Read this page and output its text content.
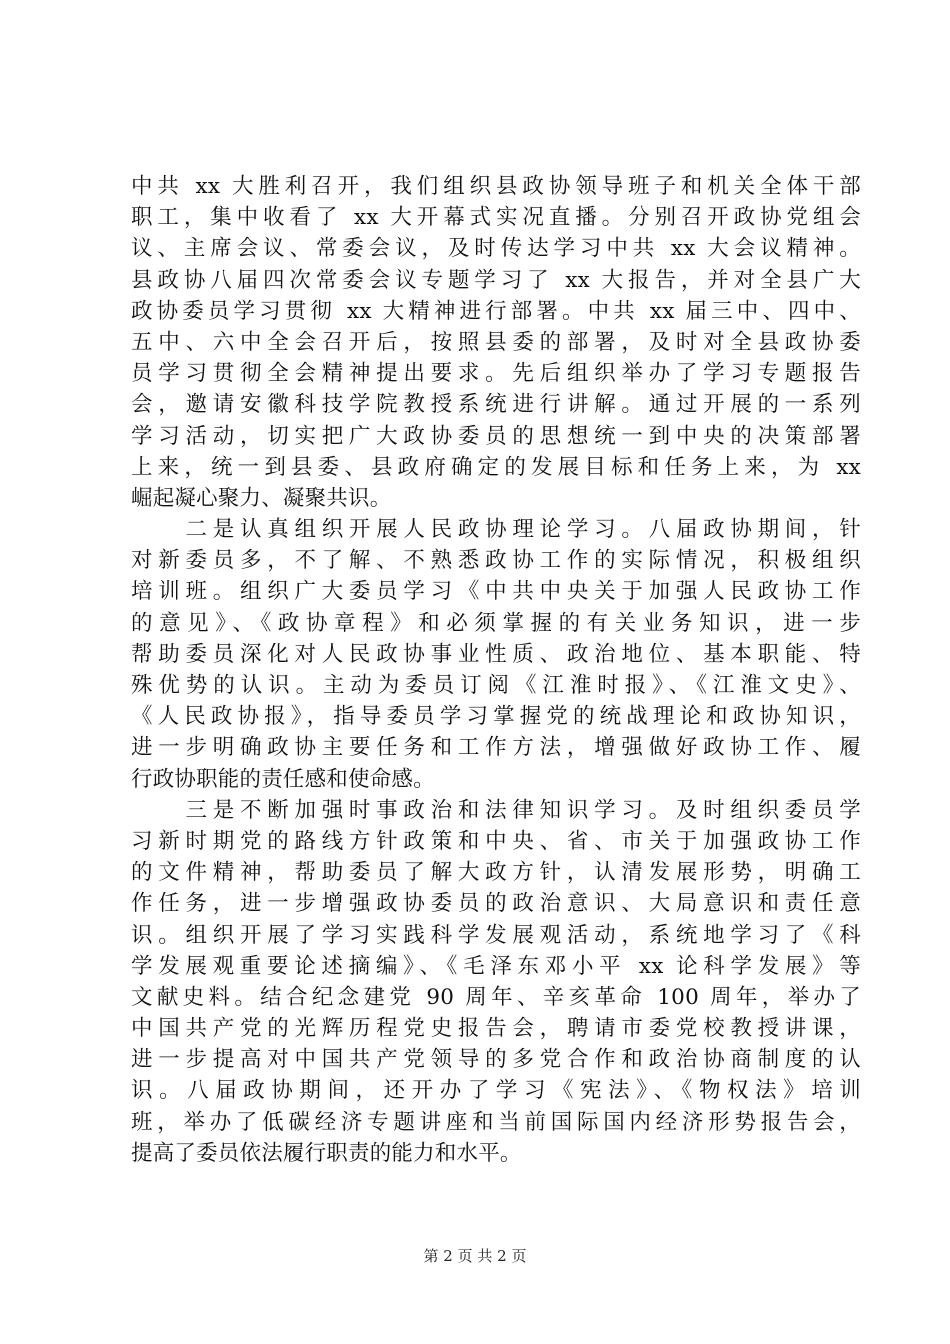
中共 xx 大胜利召开，我们组织县政协领导班子和机关全体干部
职工，集中收看了 xx 大开幕式实况直播。分别召开政协党组会
议、主席会议、常委会议，及时传达学习中共 xx 大会议精神。
县政协八届四次常委会议专题学习了 xx 大报告，并对全县广大
政协委员学习贯彻 xx 大精神进行部署。中共 xx 届三中、四中、
五中、六中全会召开后，按照县委的部署，及时对全县政协委
员学习贯彻全会精神提出要求。先后组织举办了学习专题报告
会，邀请安徽科技学院教授系统进行讲解。通过开展的一系列
学习活动，切实把广大政协委员的思想统一到中央的决策部署
上来，统一到县委、县政府确定的发展目标和任务上来，为 xx
崛起凝心聚力、凝聚共识。
　　二是认真组织开展人民政协理论学习。八届政协期间，针
对新委员多，不了解、不熟悉政协工作的实际情况，积极组织
培训班。组织广大委员学习《中共中央关于加强人民政协工作
的意见》、《政协章程》和必须掌握的有关业务知识，进一步
帮助委员深化对人民政协事业性质、政治地位、基本职能、特
殊优势的认识。主动为委员订阅《江淮时报》、《江淮文史》、
《人民政协报》，指导委员学习掌握党的统战理论和政协知识，
进一步明确政协主要任务和工作方法，增强做好政协工作、履
行政协职能的责任感和使命感。
　　三是不断加强时事政治和法律知识学习。及时组织委员学
习新时期党的路线方针政策和中央、省、市关于加强政协工作
的文件精神，帮助委员了解大政方针，认清发展形势，明确工
作任务，进一步增强政协委员的政治意识、大局意识和责任意
识。组织开展了学习实践科学发展观活动，系统地学习了《科
学发展观重要论述摘编》、《毛泽东邓小平 xx 论科学发展》等
文献史料。结合纪念建党 90 周年、辛亥革命 100 周年，举办了
中国共产党的光辉历程党史报告会，聘请市委党校教授讲课，
进一步提高对中国共产党领导的多党合作和政治协商制度的认
识。八届政协期间，还开办了学习《宪法》、《物权法》培训
班，举办了低碳经济专题讲座和当前国际国内经济形势报告会，
提高了委员依法履行职责的能力和水平。
第 2 页 共 2 页
